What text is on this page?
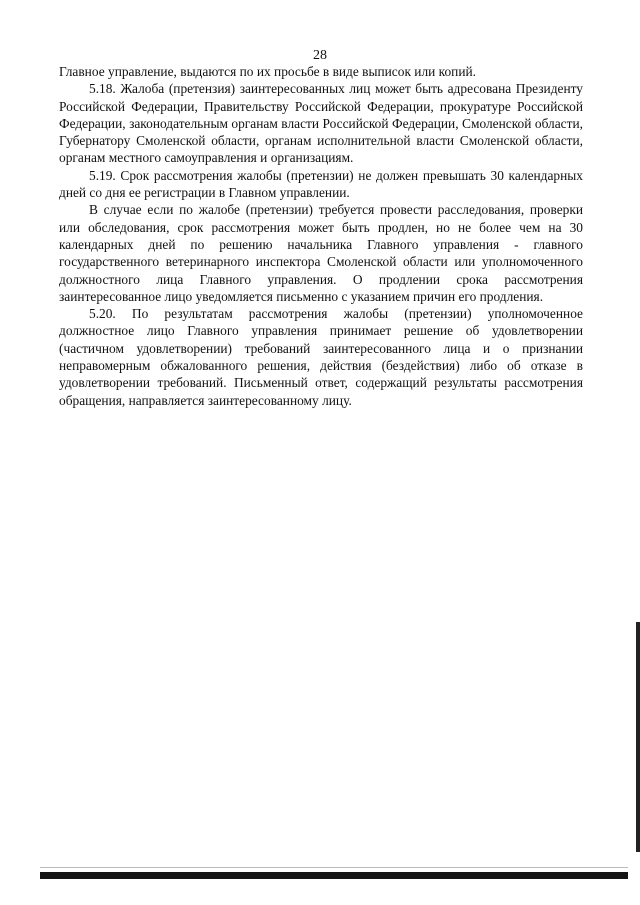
28

Главное управление, выдаются по их просьбе в виде выписок или копий.

5.18. Жалоба (претензия) заинтересованных лиц может быть адресована Президенту Российской Федерации, Правительству Российской Федерации, прокуратуре Российской Федерации, законодательным органам власти Российской Федерации, Смоленской области, Губернатору Смоленской области, органам исполнительной власти Смоленской области, органам местного самоуправления и организациям.

5.19. Срок рассмотрения жалобы (претензии) не должен превышать 30 календарных дней со дня ее регистрации в Главном управлении.

В случае если по жалобе (претензии) требуется провести расследования, проверки или обследования, срок рассмотрения может быть продлен, но не более чем на 30 календарных дней по решению начальника Главного управления - главного государственного ветеринарного инспектора Смоленской области или уполномоченного должностного лица Главного управления. О продлении срока рассмотрения заинтересованное лицо уведомляется письменно с указанием причин его продления.

5.20. По результатам рассмотрения жалобы (претензии) уполномоченное должностное лицо Главного управления принимает решение об удовлетворении (частичном удовлетворении) требований заинтересованного лица и о признании неправомерным обжалованного решения, действия (бездействия) либо об отказе в удовлетворении требований. Письменный ответ, содержащий результаты рассмотрения обращения, направляется заинтересованному лицу.
